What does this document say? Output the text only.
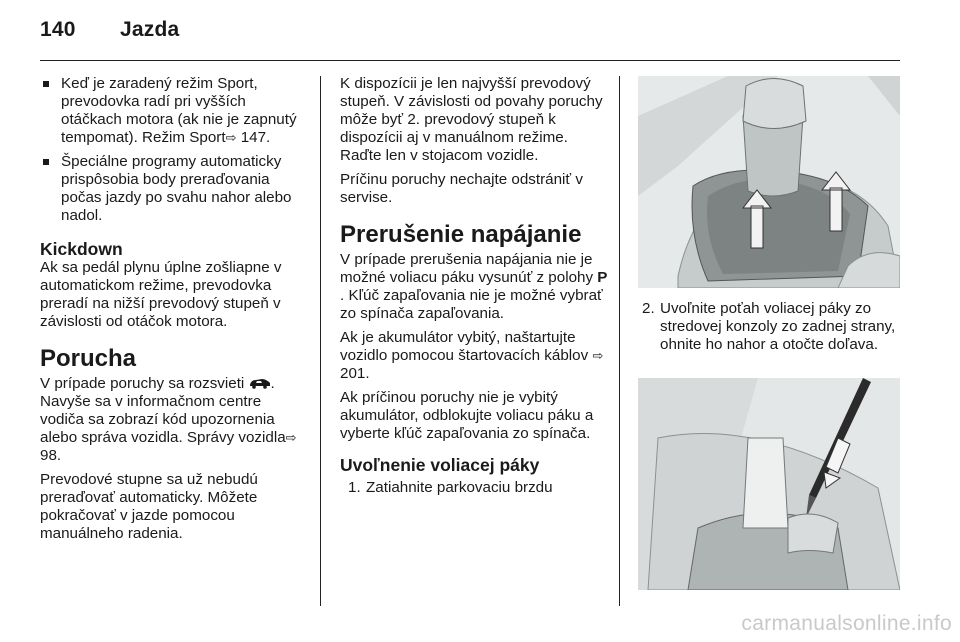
140 Jazda
Keď je zaradený režim Sport, prevodovka radí pri vyšších otáčkach motora (ak nie je zapnutý tempomat). Režim Sport⇨ 147.
Špeciálne programy automaticky prispôsobia body preraďovania počas jazdy po svahu nahor alebo nadol.
Kickdown

Ak sa pedál plynu úplne zošliapne v automatickom režime, prevodovka preradí na nižší prevodový stupeň v závislosti od otáčok motora.

Porucha

V prípade poruchy sa rozsvieti . Navyše sa v informačnom centre vodiča sa zobrazí kód upozornenia alebo správa vozidla. Správy vozidla⇨ 98.

Prevodové stupne sa už nebudú preraďovať automaticky. Môžete pokračovať v jazde pomocou manuálneho radenia.

K dispozícii je len najvyšší prevodový stupeň. V závislosti od povahy poruchy môže byť 2. prevodový stupeň k dispozícii aj v manuálnom režime. Raďte len v stojacom vozidle.

Príčinu poruchy nechajte odstrániť v servise.

Prerušenie napájanie

V prípade prerušenia napájania nie je možné voliacu páku vysunúť z polohy P . Kľúč zapaľovania nie je možné vybrať zo spínača zapaľovania.

Ak je akumulátor vybitý, naštartujte vozidlo pomocou štartovacích káblov ⇨ 201.

Ak príčinou poruchy nie je vybitý akumulátor, odblokujte voliacu páku a vyberte kľúč zapaľovania zo spínača.

Uvoľnenie voliacej páky
1. Zatiahnite parkovaciu brzdu
2. Uvoľnite poťah voliacej páky zo stredovej konzoly zo zadnej strany, ohnite ho nahor a otočte doľava.
carmanualsonline.info
